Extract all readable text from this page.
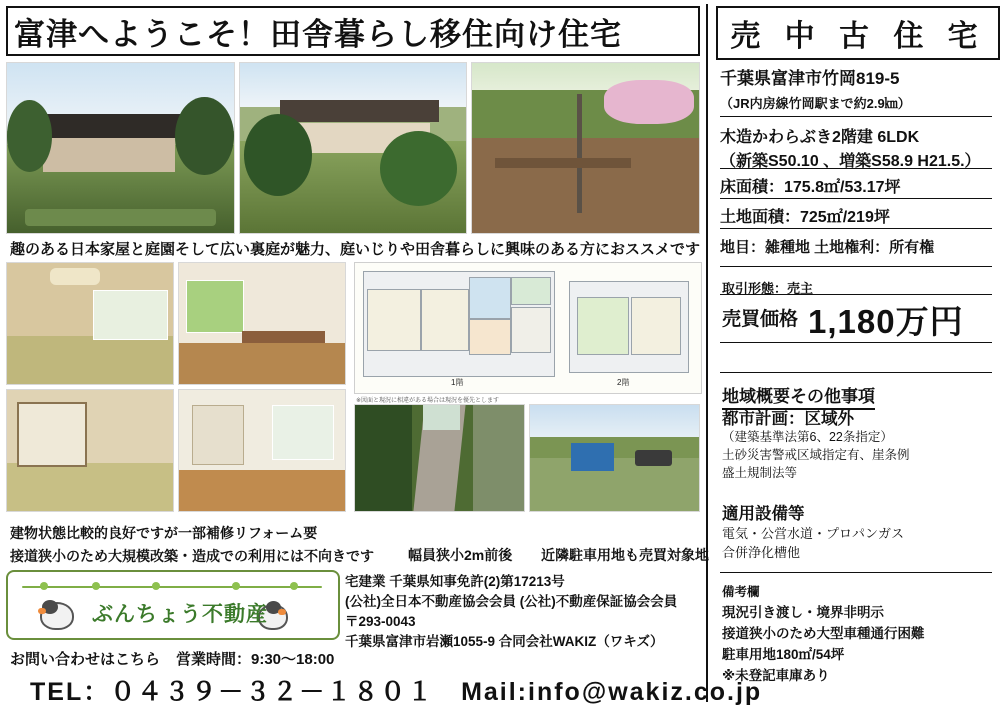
富津へようこそ！田舎暮らし移住向け住宅
趣のある日本家屋と庭園そして広い裏庭が魅力、庭いじりや田舎暮らしに興味のある方におススメです
1階	2階
※図面と現況に相違がある場合は現況を優先とします
建物状態比較的良好ですが一部補修リフォーム要
接道狭小のため大規模改築・造成での利用には不向きです 幅員狭小2m前後 近隣駐車用地も売買対象地
ぶんちょう不動産
お問い合わせはこちら 営業時間：9:30〜18:00
TEL：０４３９－３２－１８０１ Mail:info@wakiz.co.jp
宅建業 千葉県知事免許(2)第17213号
(公社)全日本不動産協会会員 (公社)不動産保証協会会員
〒293-0043
千葉県富津市岩瀬1055-9 合同会社WAKIZ（ワキズ）
売 中 古 住 宅
千葉県富津市竹岡819-5
（JR内房線竹岡駅まで約2.9㎞）
木造かわらぶき2階建 6LDK
（新築S50.10 、増築S58.9 H21.5.）
床面積：175.8㎡/53.17坪
土地面積：725㎡/219坪
地目：雑種地 土地権利：所有権
取引形態：売主
売買価格 1,180万円
地域概要その他事項
都市計画：区域外
（建築基準法第6、22条指定）
土砂災害警戒区域指定有、崖条例
盛土規制法等
適用設備等
電気・公営水道・プロパンガス
合併浄化槽他
備考欄
現況引き渡し・境界非明示
接道狭小のため大型車種通行困難
駐車用地180㎡/54坪
※未登記車庫あり
